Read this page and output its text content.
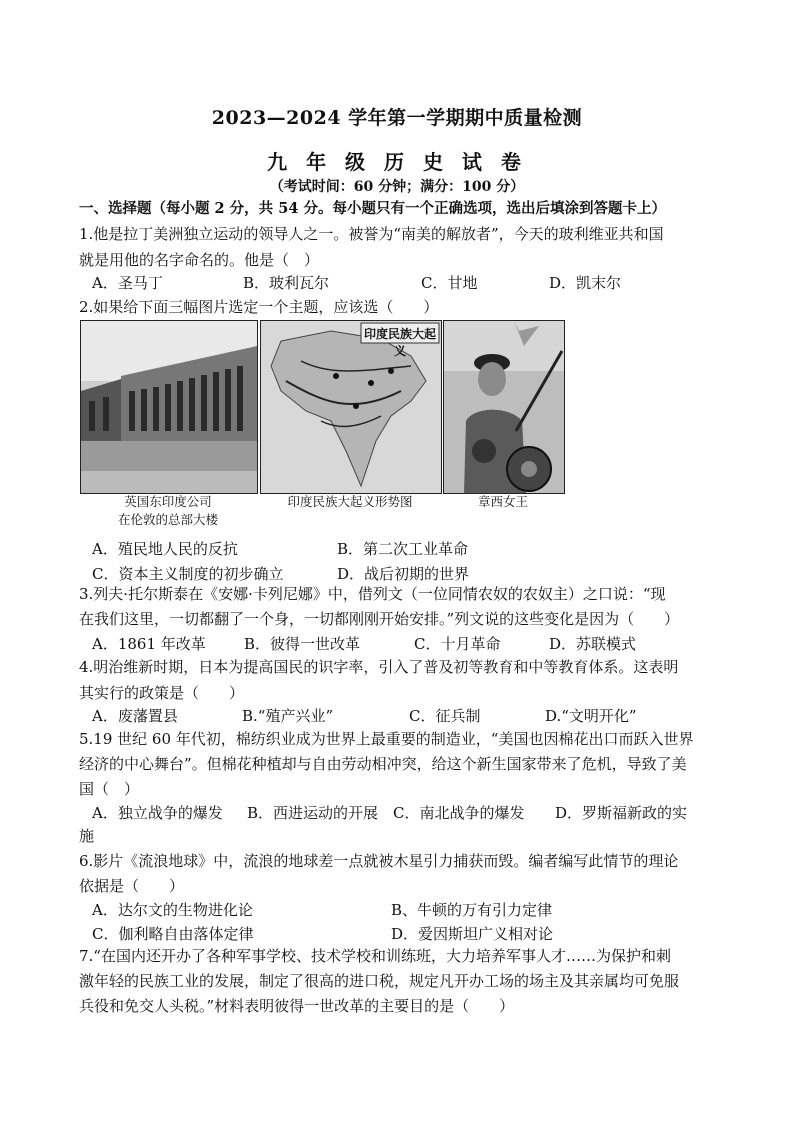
2023—2024 学年第一学期期中质量检测
九 年 级 历 史 试 卷
（考试时间：60 分钟；满分：100 分）
一、选择题（每小题 2 分，共 54 分。每小题只有一个正确选项，选出后填涂到答题卡上）
1.他是拉丁美洲独立运动的领导人之一。被誉为“南美的解放者”，今天的玻利维亚共和国
就是用他的名字命名的。他是（　）
A．圣马丁	B．玻利瓦尔	C．甘地	D．凯末尔
2.如果给下面三幅图片选定一个主题，应该选（　　）
印度民族大起义
英国东印度公司
在伦敦的总部大楼
印度民族大起义形势图	章西女王
A．殖民地人民的反抗	B．第二次工业革命
C．资本主义制度的初步确立	D．战后初期的世界
3.列夫·托尔斯泰在《安娜·卡列尼娜》中，借列文（一位同情农奴的农奴主）之口说：“现
在我们这里，一切都翻了一个身，一切都刚刚开始安排。”列文说的这些变化是因为（　　）
A．1861 年改革	B．彼得一世改革	C．十月革命	D．苏联模式
4.明治维新时期，日本为提高国民的识字率，引入了普及初等教育和中等教育体系。这表明
其实行的政策是（　　）
A．废藩置县	B.“殖产兴业”	C．征兵制	D.“文明开化”
5.19 世纪 60 年代初，棉纺织业成为世界上最重要的制造业，“美国也因棉花出口而跃入世界
经济的中心舞台”。但棉花种植却与自由劳动相冲突，给这个新生国家带来了危机，导致了美
国（　）
A．独立战争的爆发 B．西进运动的开展 C．南北战争的爆发 D．罗斯福新政的实
施
6.影片《流浪地球》中，流浪的地球差一点就被木星引力捕获而毁。编者编写此情节的理论
依据是（　　）
A．达尔文的生物进化论	B、牛顿的万有引力定律
C．伽利略自由落体定律	D．爱因斯坦广义相对论
7.“在国内还开办了各种军事学校、技术学校和训练班，大力培养军事人才……为保护和刺
激年轻的民族工业的发展，制定了很高的进口税，规定凡开办工场的场主及其亲属均可免服
兵役和免交人头税。”材料表明彼得一世改革的主要目的是（　　）
